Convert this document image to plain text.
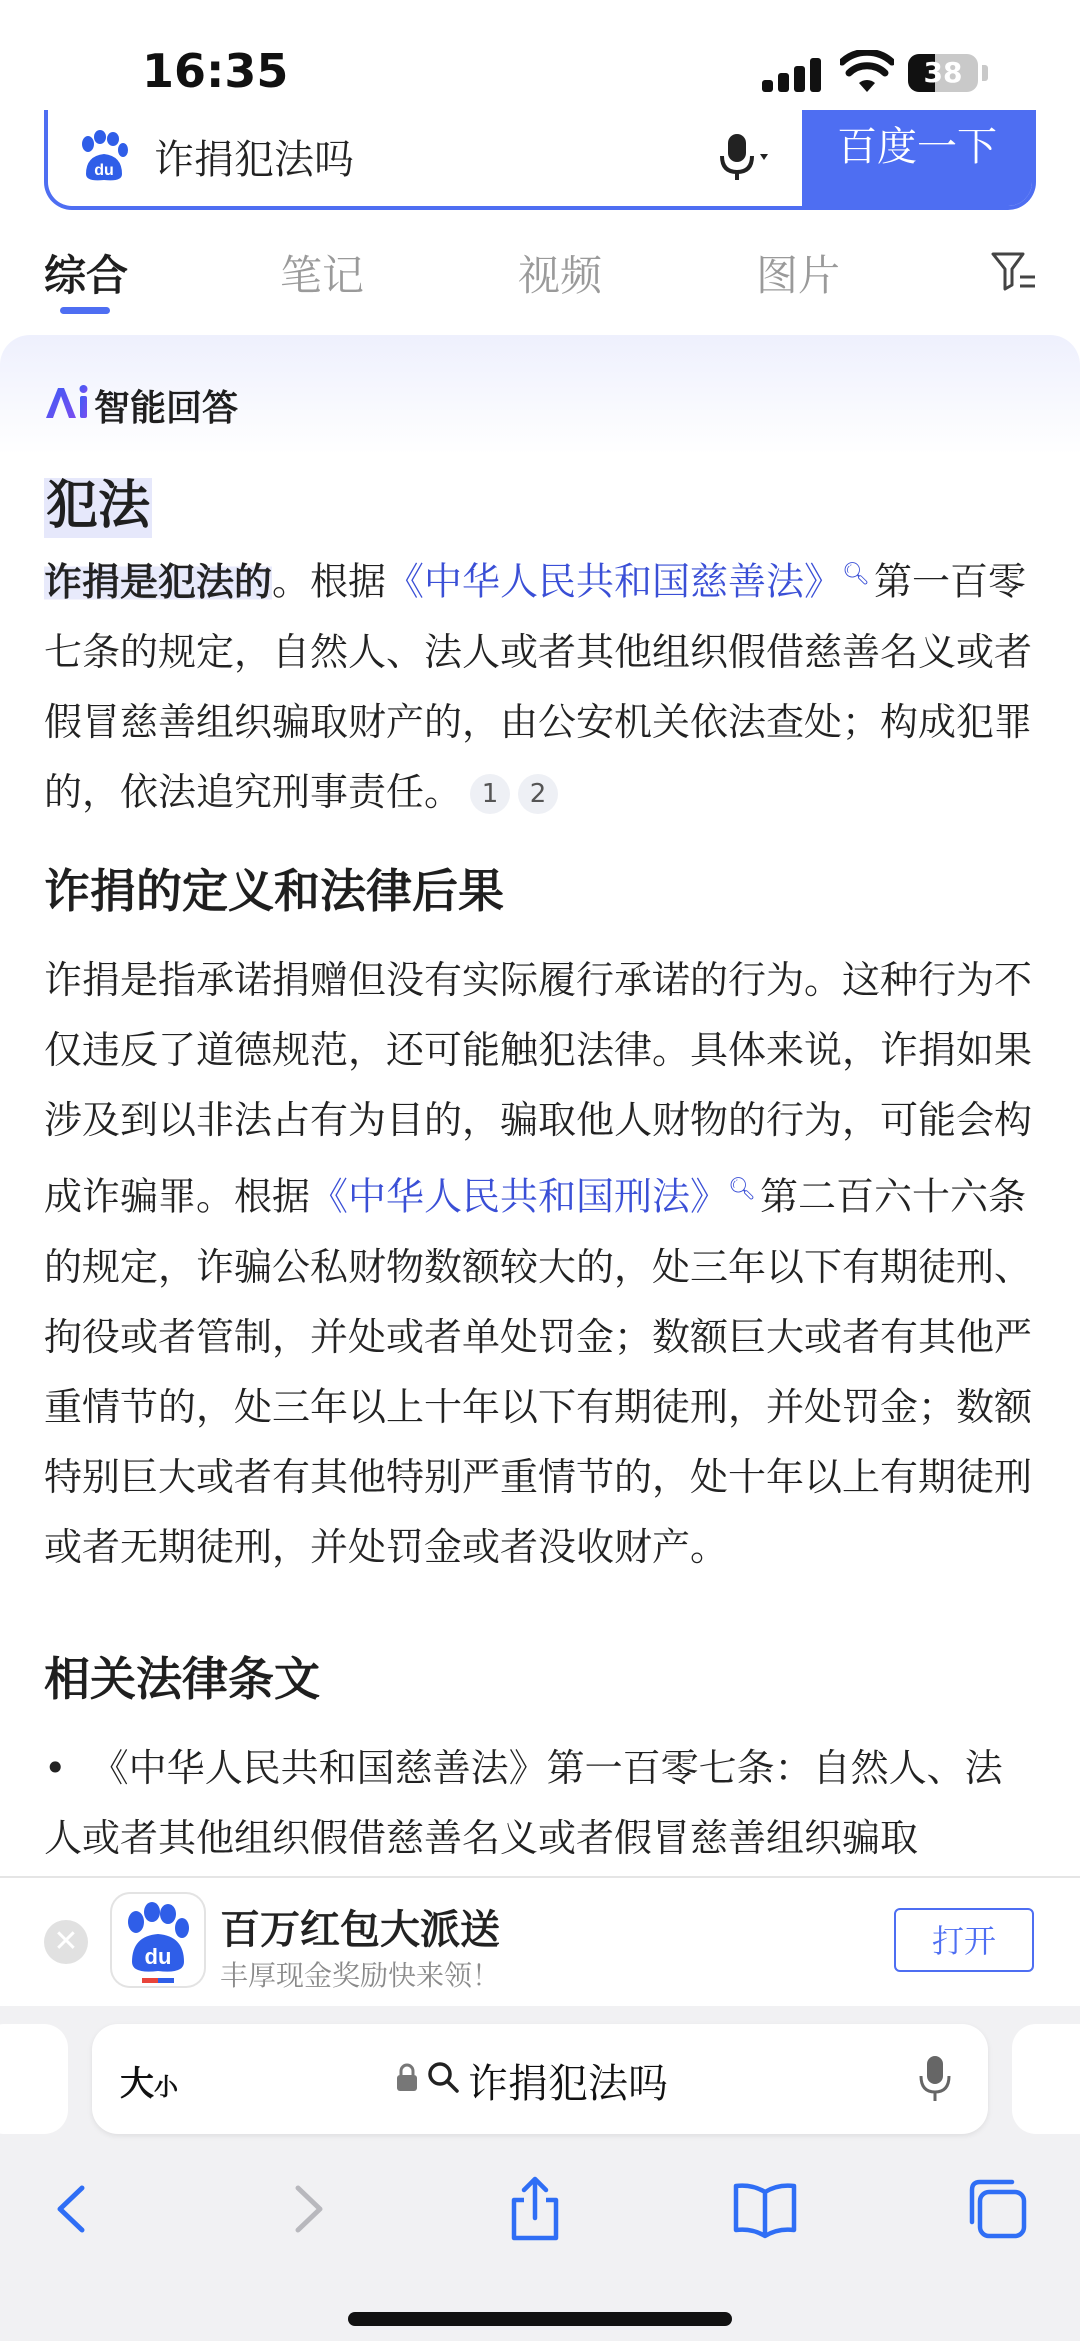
16:35	38
du 诈捐犯法吗	百度一下
综合	笔记	视频	图片
智能回答
犯法
诈捐是犯法的。根据《中华人民共和国慈善法》🔍︎ 第一百零七条的规定，自然人、法人或者其他组织假借慈善名义或者假冒慈善组织骗取财产的，由公安机关依法查处；构成犯罪的，依法追究刑事责任。 1 2
诈捐的定义和法律后果
诈捐是指承诺捐赠但没有实际履行承诺的行为。这种行为不仅违反了道德规范，还可能触犯法律。具体来说，诈捐如果涉及到以非法占有为目的，骗取他人财物的行为，可能会构成诈骗罪。根据《中华人民共和国刑法》🔍︎ 第二百六十六条的规定，诈骗公私财物数额较大的，处三年以下有期徒刑、拘役或者管制，并处或者单处罚金；数额巨大或者有其他严重情节的，处三年以上十年以下有期徒刑，并处罚金；数额特别巨大或者有其他特别严重情节的，处十年以上有期徒刑或者无期徒刑，并处罚金或者没收财产。
相关法律条文
• 《中华人民共和国慈善法》第一百零七条：自然人、法人或者其他组织假借慈善名义或者假冒慈善组织骗取
✕	du
百万红包大派送
丰厚现金奖励快来领！
打开
大小	诈捐犯法吗
